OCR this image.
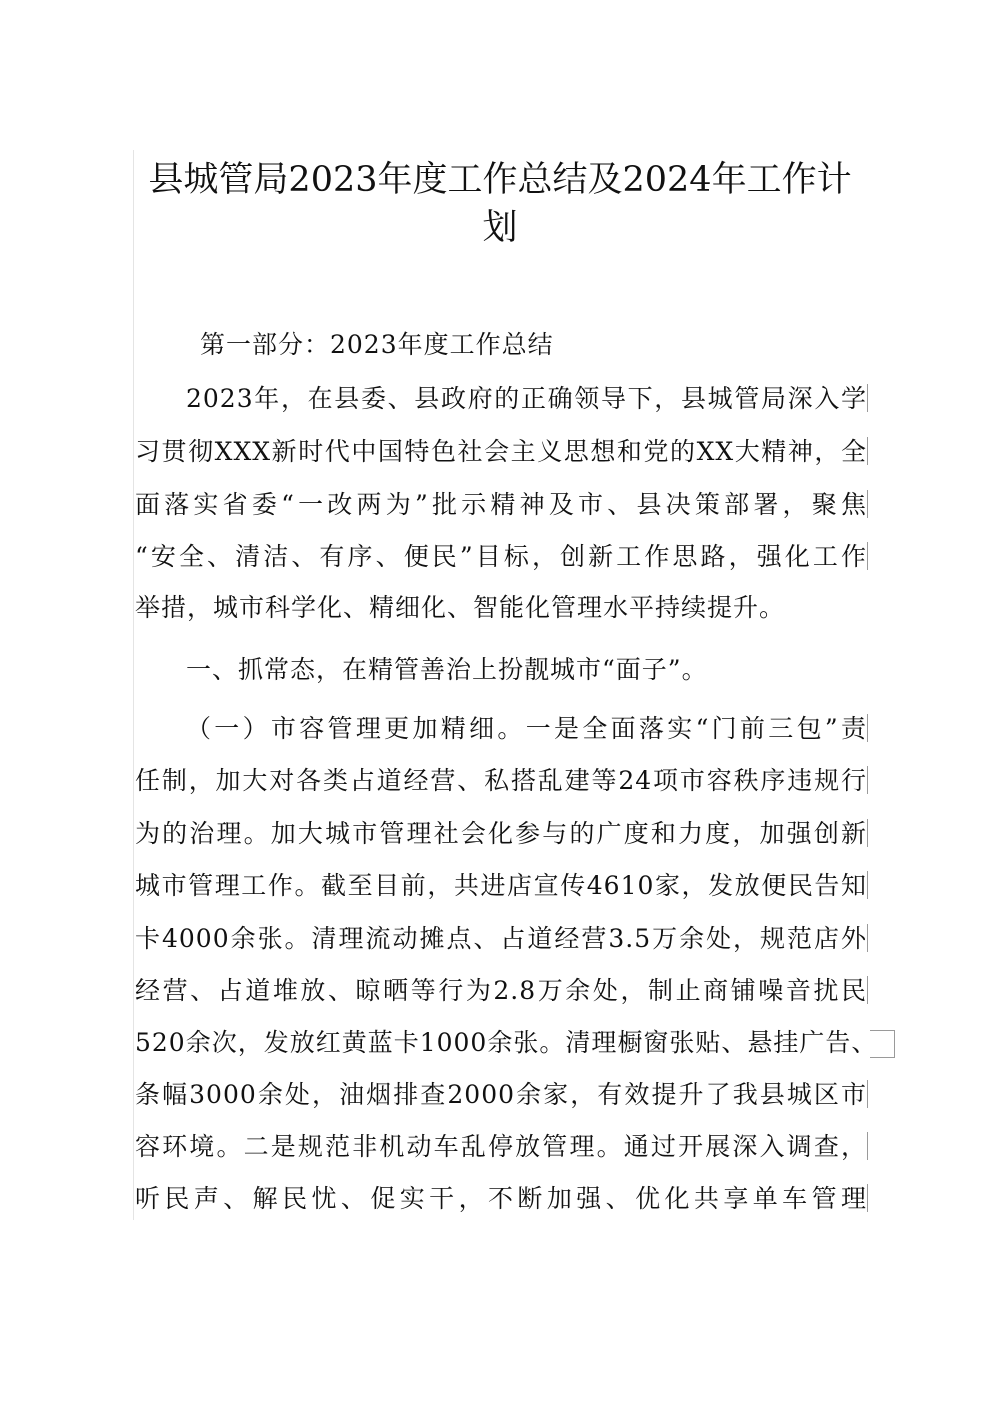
县城管局2023年度工作总结及2024年工作计
划
第一部分：2023年度工作总结
2023年，在县委、县政府的正确领导下，县城管局深入学
习贯彻XXX新时代中国特色社会主义思想和党的XX大精神，全
面落实省委“一改两为”批示精神及市、县决策部署，聚焦
“安全、清洁、有序、便民”目标，创新工作思路，强化工作
举措，城市科学化、精细化、智能化管理水平持续提升。
一、抓常态，在精管善治上扮靓城市“面子”。
（一）市容管理更加精细。一是全面落实“门前三包”责
任制，加大对各类占道经营、私搭乱建等24项市容秩序违规行
为的治理。加大城市管理社会化参与的广度和力度，加强创新
城市管理工作。截至目前，共进店宣传4610家，发放便民告知
卡4000余张。清理流动摊点、占道经营3.5万余处，规范店外
经营、占道堆放、晾晒等行为2.8万余处，制止商铺噪音扰民
520余次，发放红黄蓝卡1000余张。清理橱窗张贴、悬挂广告、
条幅3000余处，油烟排查2000余家，有效提升了我县城区市
容环境。二是规范非机动车乱停放管理。通过开展深入调查，
听民声、解民忧、促实干，不断加强、优化共享单车管理
